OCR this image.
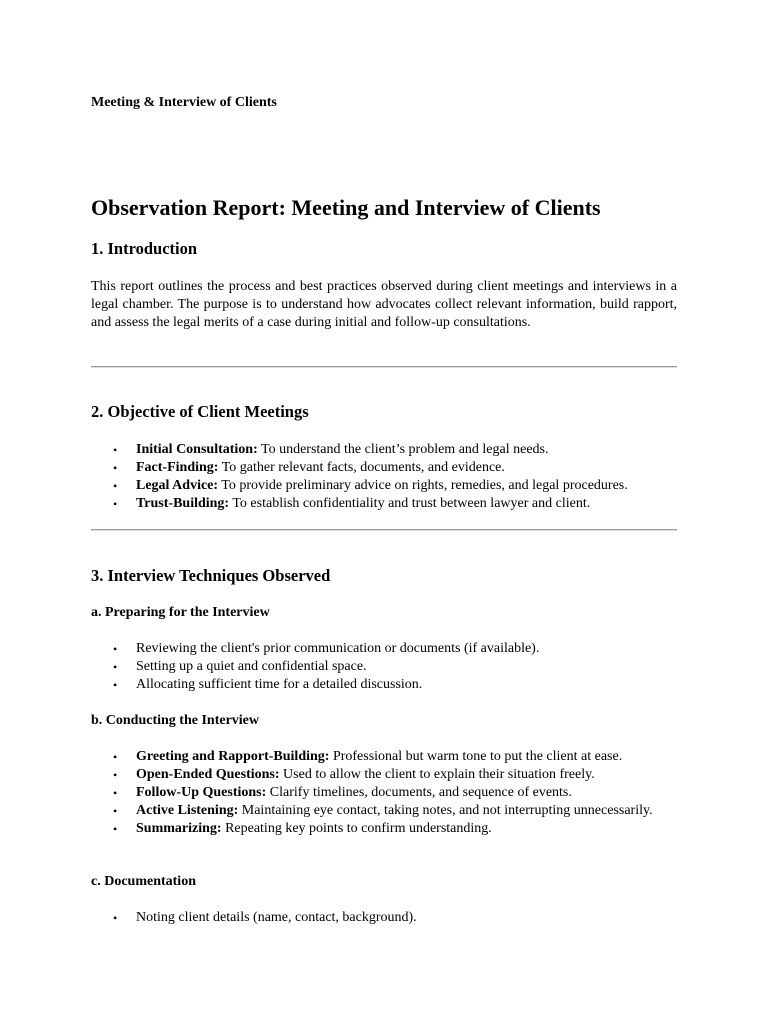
Meeting & Interview of Clients
Observation Report: Meeting and Interview of Clients
1. Introduction

This report outlines the process and best practices observed during client meetings and interviews in a legal chamber. The purpose is to understand how advocates collect relevant information, build rapport, and assess the legal merits of a case during initial and follow-up consultations.

2. Objective of Client Meetings
• Initial Consultation: To understand the client’s problem and legal needs.
• Fact-Finding: To gather relevant facts, documents, and evidence.
• Legal Advice: To provide preliminary advice on rights, remedies, and legal procedures.
• Trust-Building: To establish confidentiality and trust between lawyer and client.
3. Interview Techniques Observed
a. Preparing for the Interview
• Reviewing the client's prior communication or documents (if available).
• Setting up a quiet and confidential space.
• Allocating sufficient time for a detailed discussion.
b. Conducting the Interview
• Greeting and Rapport-Building: Professional but warm tone to put the client at ease.
• Open-Ended Questions: Used to allow the client to explain their situation freely.
• Follow-Up Questions: Clarify timelines, documents, and sequence of events.
• Active Listening: Maintaining eye contact, taking notes, and not interrupting unnecessarily.
• Summarizing: Repeating key points to confirm understanding.
c. Documentation
• Noting client details (name, contact, background).
